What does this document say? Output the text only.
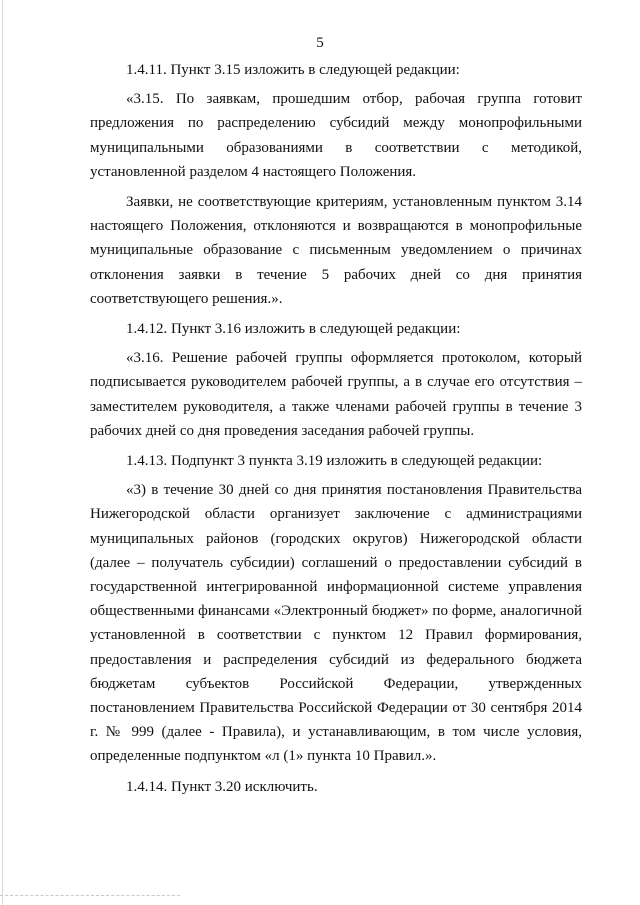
5

1.4.11. Пункт 3.15 изложить в следующей редакции:

«3.15. По заявкам, прошедшим отбор, рабочая группа готовит предложения по распределению субсидий между монопрофильными муниципальными образованиями в соответствии с методикой, установленной разделом 4 настоящего Положения.

Заявки, не соответствующие критериям, установленным пунктом 3.14 настоящего Положения, отклоняются и возвращаются в монопрофильные муниципальные образование с письменным уведомлением о причинах отклонения заявки в течение 5 рабочих дней со дня принятия соответствующего решения.».

1.4.12. Пункт 3.16 изложить в следующей редакции:

«3.16. Решение рабочей группы оформляется протоколом, который подписывается руководителем рабочей группы, а в случае его отсутствия – заместителем руководителя, а также членами рабочей группы в течение 3 рабочих дней со дня проведения заседания рабочей группы.

1.4.13. Подпункт 3 пункта 3.19 изложить в следующей редакции:

«3) в течение 30 дней со дня принятия постановления Правительства Нижегородской области организует заключение с администрациями муниципальных районов (городских округов) Нижегородской области (далее – получатель субсидии) соглашений о предоставлении субсидий в государственной интегрированной информационной системе управления общественными финансами «Электронный бюджет» по форме, аналогичной установленной в соответствии с пунктом 12 Правил формирования, предоставления и распределения субсидий из федерального бюджета бюджетам субъектов Российской Федерации, утвержденных постановлением Правительства Российской Федерации от 30 сентября 2014 г. № 999 (далее - Правила), и устанавливающим, в том числе условия, определенные подпунктом «л (1» пункта 10 Правил.».

1.4.14. Пункт 3.20 исключить.
